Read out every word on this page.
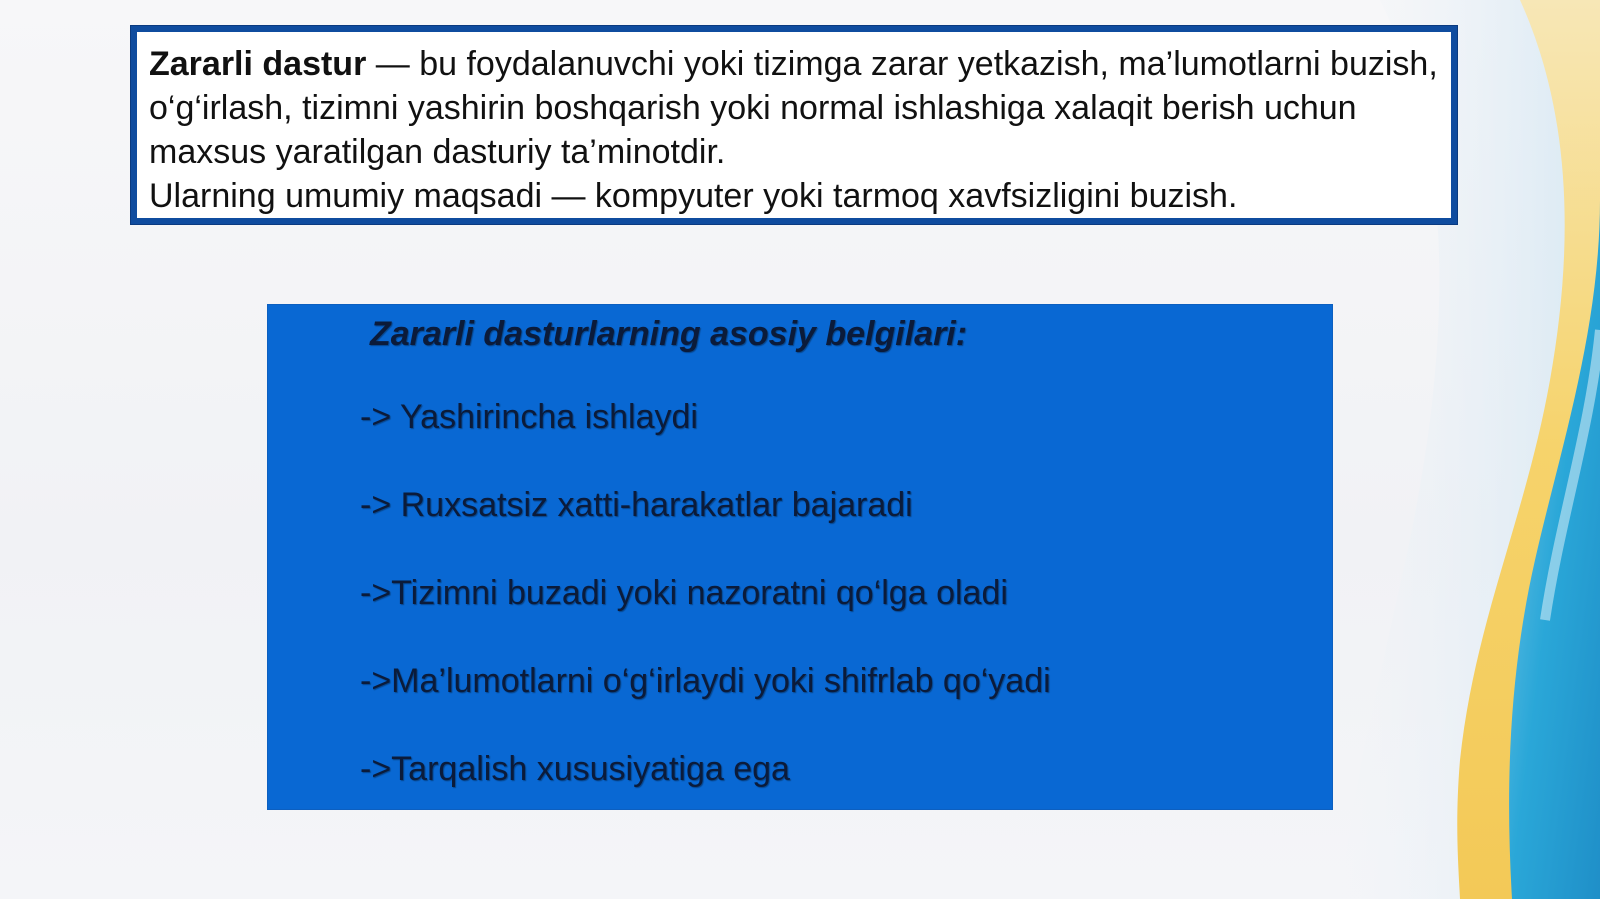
Zararli dastur — bu foydalanuvchi yoki tizimga zarar yetkazish, ma’lumotlarni buzish, o‘g‘irlash, tizimni yashirin boshqarish yoki normal ishlashiga xalaqit berish uchun maxsus yaratilgan dasturiy ta’minotdir.
Ularning umumiy maqsadi — kompyuter yoki tarmoq xavfsizligini buzish.

Zararli dasturlarning asosiy belgilari:
-> Yashirincha ishlaydi
-> Ruxsatsiz xatti-harakatlar bajaradi
->Tizimni buzadi yoki nazoratni qo‘lga oladi
->Ma’lumotlarni o‘g‘irlaydi yoki shifrlab qo‘yadi
->Tarqalish xususiyatiga ega
